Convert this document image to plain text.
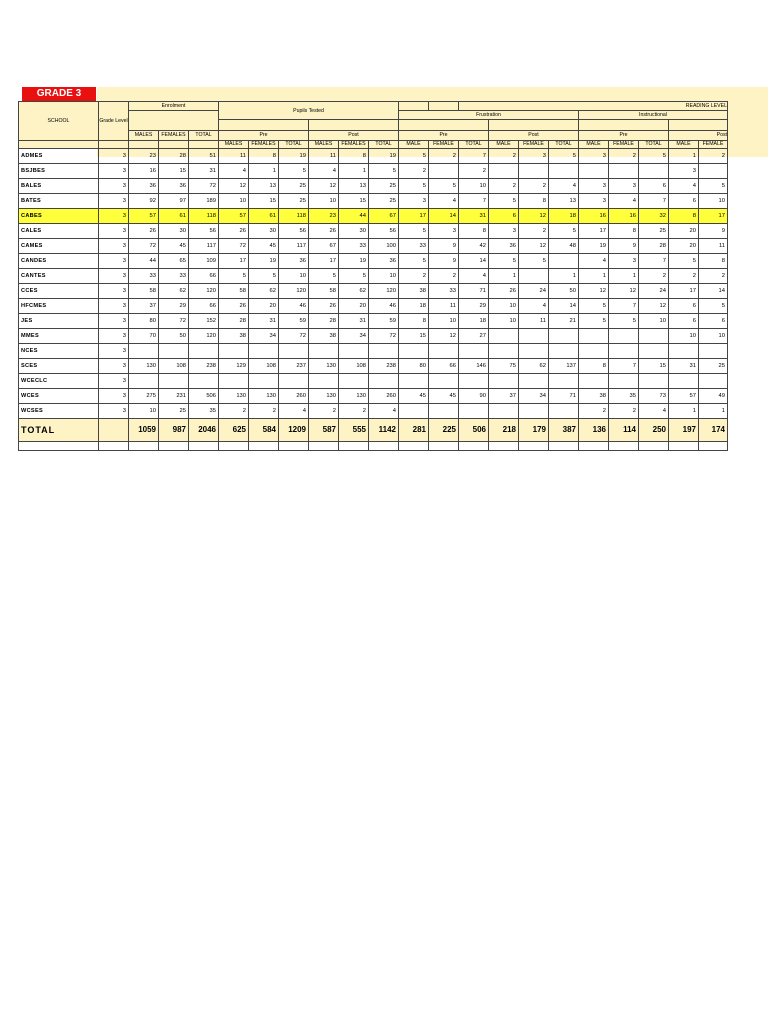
GRADE 3
SCHOOL	Grade Level	Enrolment			Pupils Tested								READING LEVEL								
											Frustration						Instructional				

		MALES	FEMALES	TOTAL	Pre			Post			Pre			Post			Pre			Post	
					MALES	FEMALES	TOTAL	MALES	FEMALES	TOTAL	MALE	FEMALE	TOTAL	MALE	FEMALE	TOTAL	MALE	FEMALE	TOTAL	MALE	FEMALE
ADMES	3	23	28	51	11	8	19	11	8	19	5	2	7	2	3	5	3	2	5	1	2
BSJBES	3	16	15	31	4	1	5	4	1	5	2		2							3	
BALES	3	36	36	72	12	13	25	12	13	25	5	5	10	2	2	4	3	3	6	4	5
BATES	3	92	97	189	10	15	25	10	15	25	3	4	7	5	8	13	3	4	7	6	10
CABES	3	57	61	118	57	61	118	23	44	67	17	14	31	6	12	18	16	16	32	8	17
CALES	3	26	30	56	26	30	56	26	30	56	5	3	8	3	2	5	17	8	25	20	9
CAMES	3	72	45	117	72	45	117	67	33	100	33	9	42	36	12	48	19	9	28	20	11
CANDES	3	44	65	109	17	19	36	17	19	36	5	9	14	5	5		4	3	7	5	8
CANTES	3	33	33	66	5	5	10	5	5	10	2	2	4	1		1	1	1	2	2	2
CCES	3	58	62	120	58	62	120	58	62	120	38	33	71	26	24	50	12	12	24	17	14
HFCMES	3	37	29	66	26	20	46	26	20	46	18	11	29	10	4	14	5	7	12	6	5
JES	3	80	72	152	28	31	59	28	31	59	8	10	18	10	11	21	5	5	10	6	6
MMES	3	70	50	120	38	34	72	38	34	72	15	12	27							10	10
NCES	3																				
SCES	3	130	108	238	129	108	237	130	108	238	80	66	146	75	62	137	8	7	15	31	25
WCECLC	3																				
WCES	3	275	231	506	130	130	260	130	130	260	45	45	90	37	34	71	38	35	73	57	49
WCSES	3	10	25	35	2	2	4	2	2	4							2	2	4	1	1
TOTAL		1059	987	2046	625	584	1209	587	555	1142	281	225	506	218	179	387	136	114	250	197	174
